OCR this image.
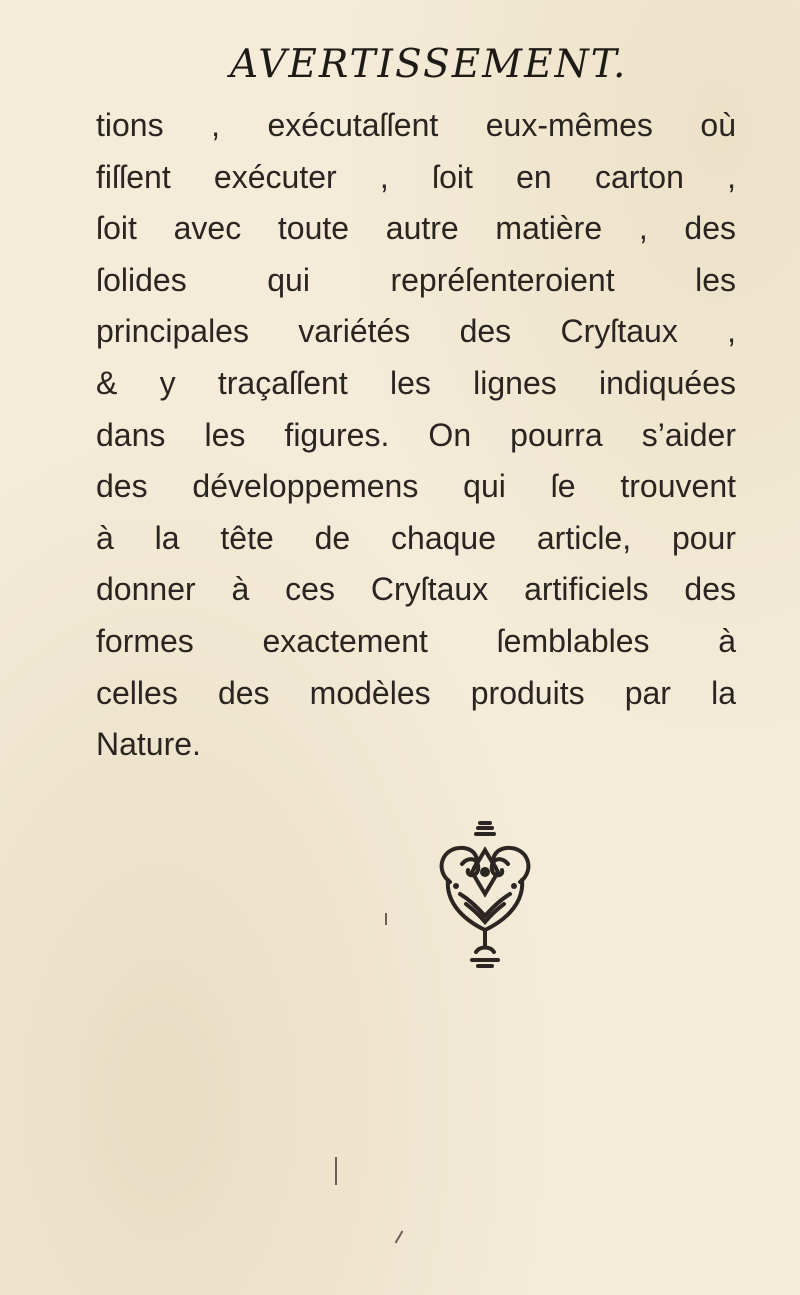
AVERTISSEMENT.
tions , exécutaſſent eux-mêmes où
fiſſent exécuter , ſoit en carton ,
ſoit avec toute autre matière , des
ſolides qui repréſenteroient les
principales variétés des Cryſtaux ,
& y traçaſſent les lignes indiquées
dans les figures. On pourra s’aider
des développemens qui ſe trouvent
à la tête de chaque article, pour
donner à ces Cryſtaux artificiels des
formes exactement ſemblables à
celles des modèles produits par la
Nature.
